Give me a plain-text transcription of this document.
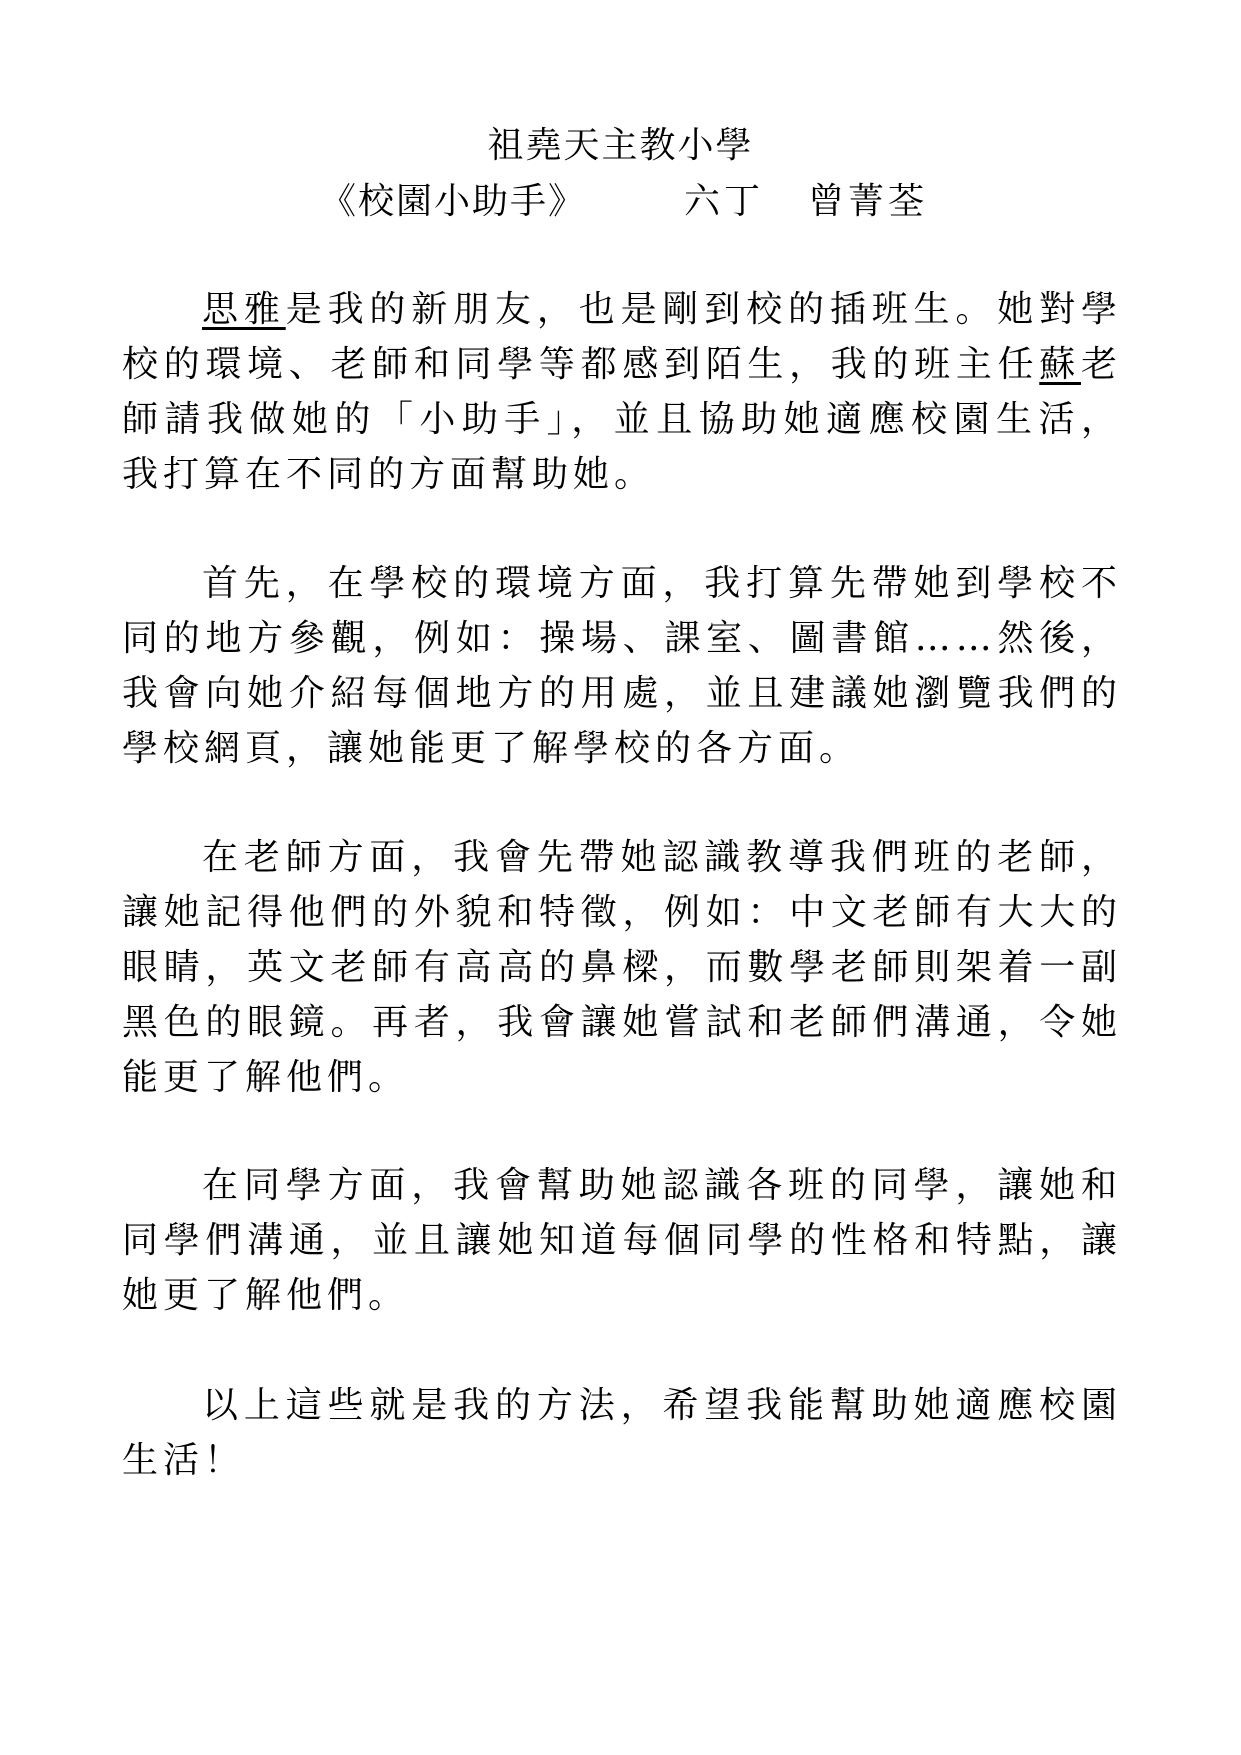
祖堯天主教小學
《校園小助手》	六丁 曾菁荃
思雅是我的新朋友，也是剛到校的插班生。她對學校的環境、老師和同學等都感到陌生，我的班主任蘇老師請我做她的「小助手」，並且協助她適應校園生活，我打算在不同的方面幫助她。
首先，在學校的環境方面，我打算先帶她到學校不同的地方參觀，例如：操場、課室、圖書館……然後，我會向她介紹每個地方的用處，並且建議她瀏覽我們的學校網頁，讓她能更了解學校的各方面。
在老師方面，我會先帶她認識教導我們班的老師，讓她記得他們的外貌和特徵，例如：中文老師有大大的眼睛，英文老師有高高的鼻樑，而數學老師則架着一副黑色的眼鏡。再者，我會讓她嘗試和老師們溝通，令她能更了解他們。
在同學方面，我會幫助她認識各班的同學，讓她和同學們溝通，並且讓她知道每個同學的性格和特點，讓她更了解他們。
以上這些就是我的方法，希望我能幫助她適應校園生活！
